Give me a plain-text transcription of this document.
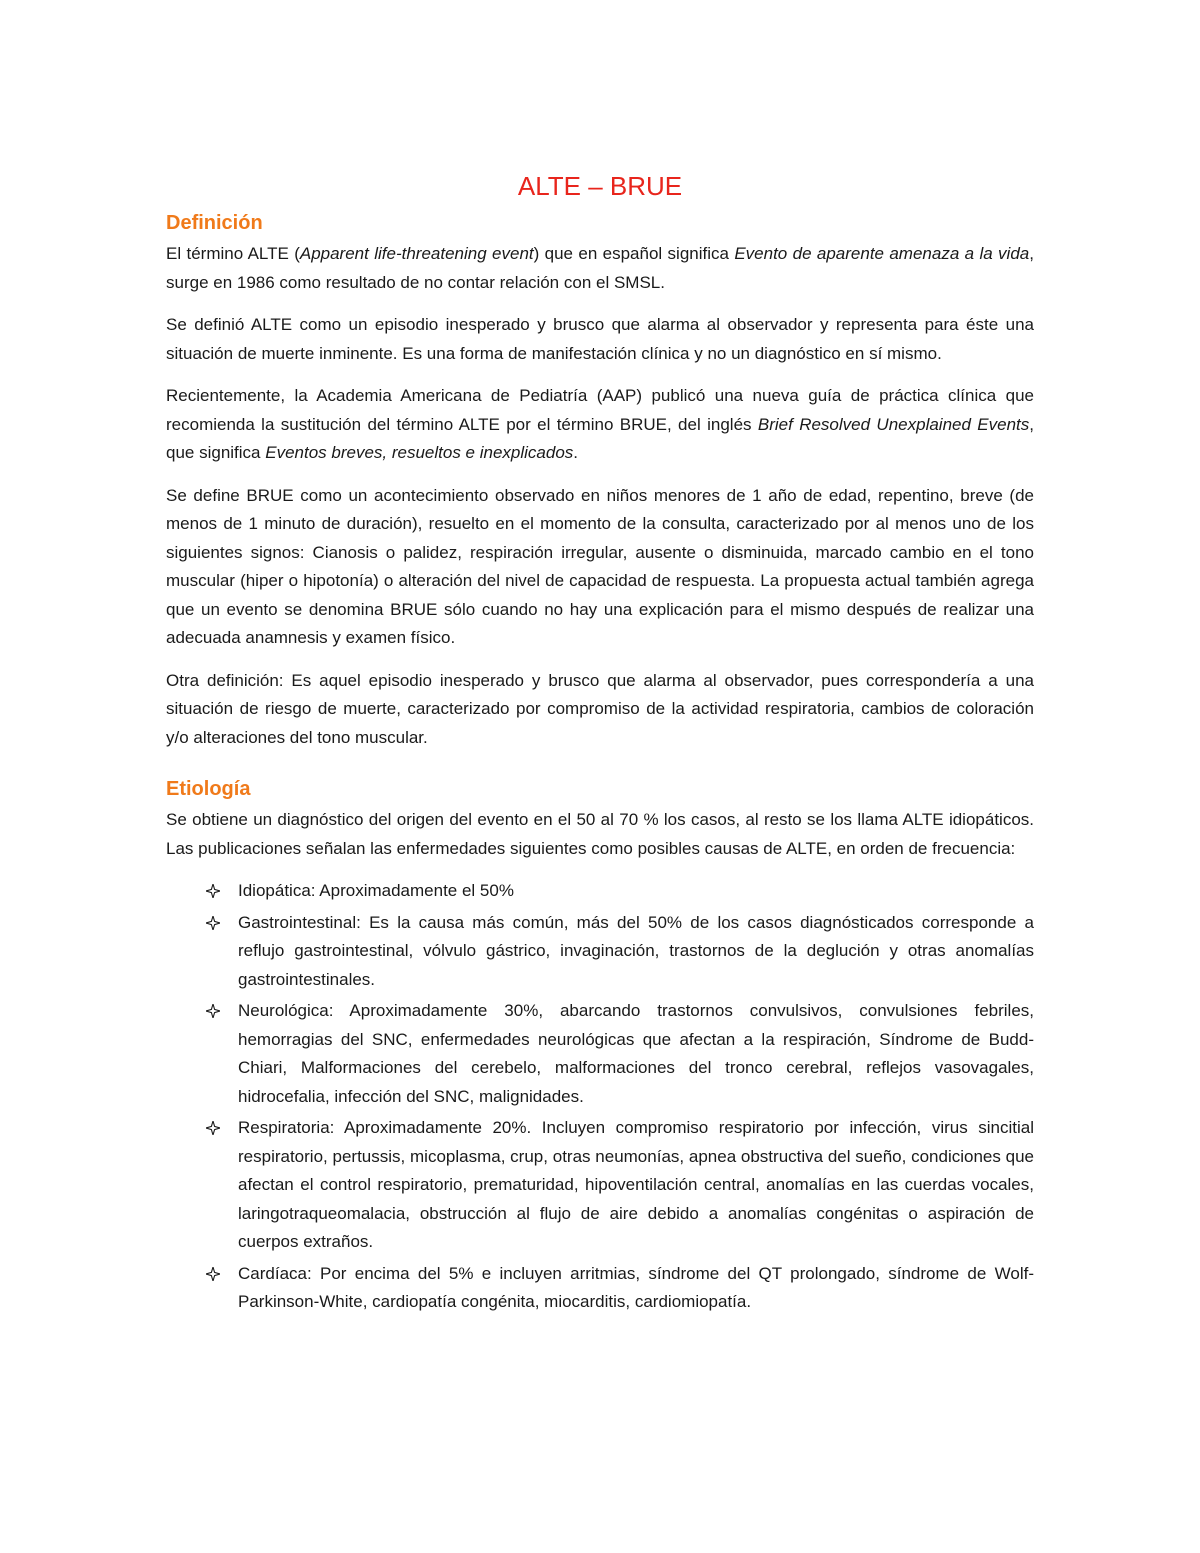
ALTE – BRUE
Definición

El término ALTE (Apparent life-threatening event) que en español significa Evento de aparente amenaza a la vida, surge en 1986 como resultado de no contar relación con el SMSL.

Se definió ALTE como un episodio inesperado y brusco que alarma al observador y representa para éste una situación de muerte inminente. Es una forma de manifestación clínica y no un diagnóstico en sí mismo.

Recientemente, la Academia Americana de Pediatría (AAP) publicó una nueva guía de práctica clínica que recomienda la sustitución del término ALTE por el término BRUE, del inglés Brief Resolved Unexplained Events, que significa Eventos breves, resueltos e inexplicados.

Se define BRUE como un acontecimiento observado en niños menores de 1 año de edad, repentino, breve (de menos de 1 minuto de duración), resuelto en el momento de la consulta, caracterizado por al menos uno de los siguientes signos: Cianosis o palidez, respiración irregular, ausente o disminuida, marcado cambio en el tono muscular (hiper o hipotonía) o alteración del nivel de capacidad de respuesta. La propuesta actual también agrega que un evento se denomina BRUE sólo cuando no hay una explicación para el mismo después de realizar una adecuada anamnesis y examen físico.

Otra definición: Es aquel episodio inesperado y brusco que alarma al observador, pues correspondería a una situación de riesgo de muerte, caracterizado por compromiso de la actividad respiratoria, cambios de coloración y/o alteraciones del tono muscular.

Etiología

Se obtiene un diagnóstico del origen del evento en el 50 al 70 % los casos, al resto se los llama ALTE idiopáticos. Las publicaciones señalan las enfermedades siguientes como posibles causas de ALTE, en orden de frecuencia:

Idiopática: Aproximadamente el 50%
Gastrointestinal: Es la causa más común, más del 50% de los casos diagnósticados corresponde a reflujo gastrointestinal, vólvulo gástrico, invaginación, trastornos de la deglución y otras anomalías gastrointestinales.
Neurológica: Aproximadamente 30%, abarcando trastornos convulsivos, convulsiones febriles, hemorragias del SNC, enfermedades neurológicas que afectan a la respiración, Síndrome de Budd-Chiari, Malformaciones del cerebelo, malformaciones del tronco cerebral, reflejos vasovagales, hidrocefalia, infección del SNC, malignidades.
Respiratoria: Aproximadamente 20%. Incluyen compromiso respiratorio por infección, virus sincitial respiratorio, pertussis, micoplasma, crup, otras neumonías, apnea obstructiva del sueño, condiciones que afectan el control respiratorio, prematuridad, hipoventilación central, anomalías en las cuerdas vocales, laringotraqueomalacia, obstrucción al flujo de aire debido a anomalías congénitas o aspiración de cuerpos extraños.
Cardíaca: Por encima del 5% e incluyen arritmias, síndrome del QT prolongado, síndrome de Wolf-Parkinson-White, cardiopatía congénita, miocarditis, cardiomiopatía.
